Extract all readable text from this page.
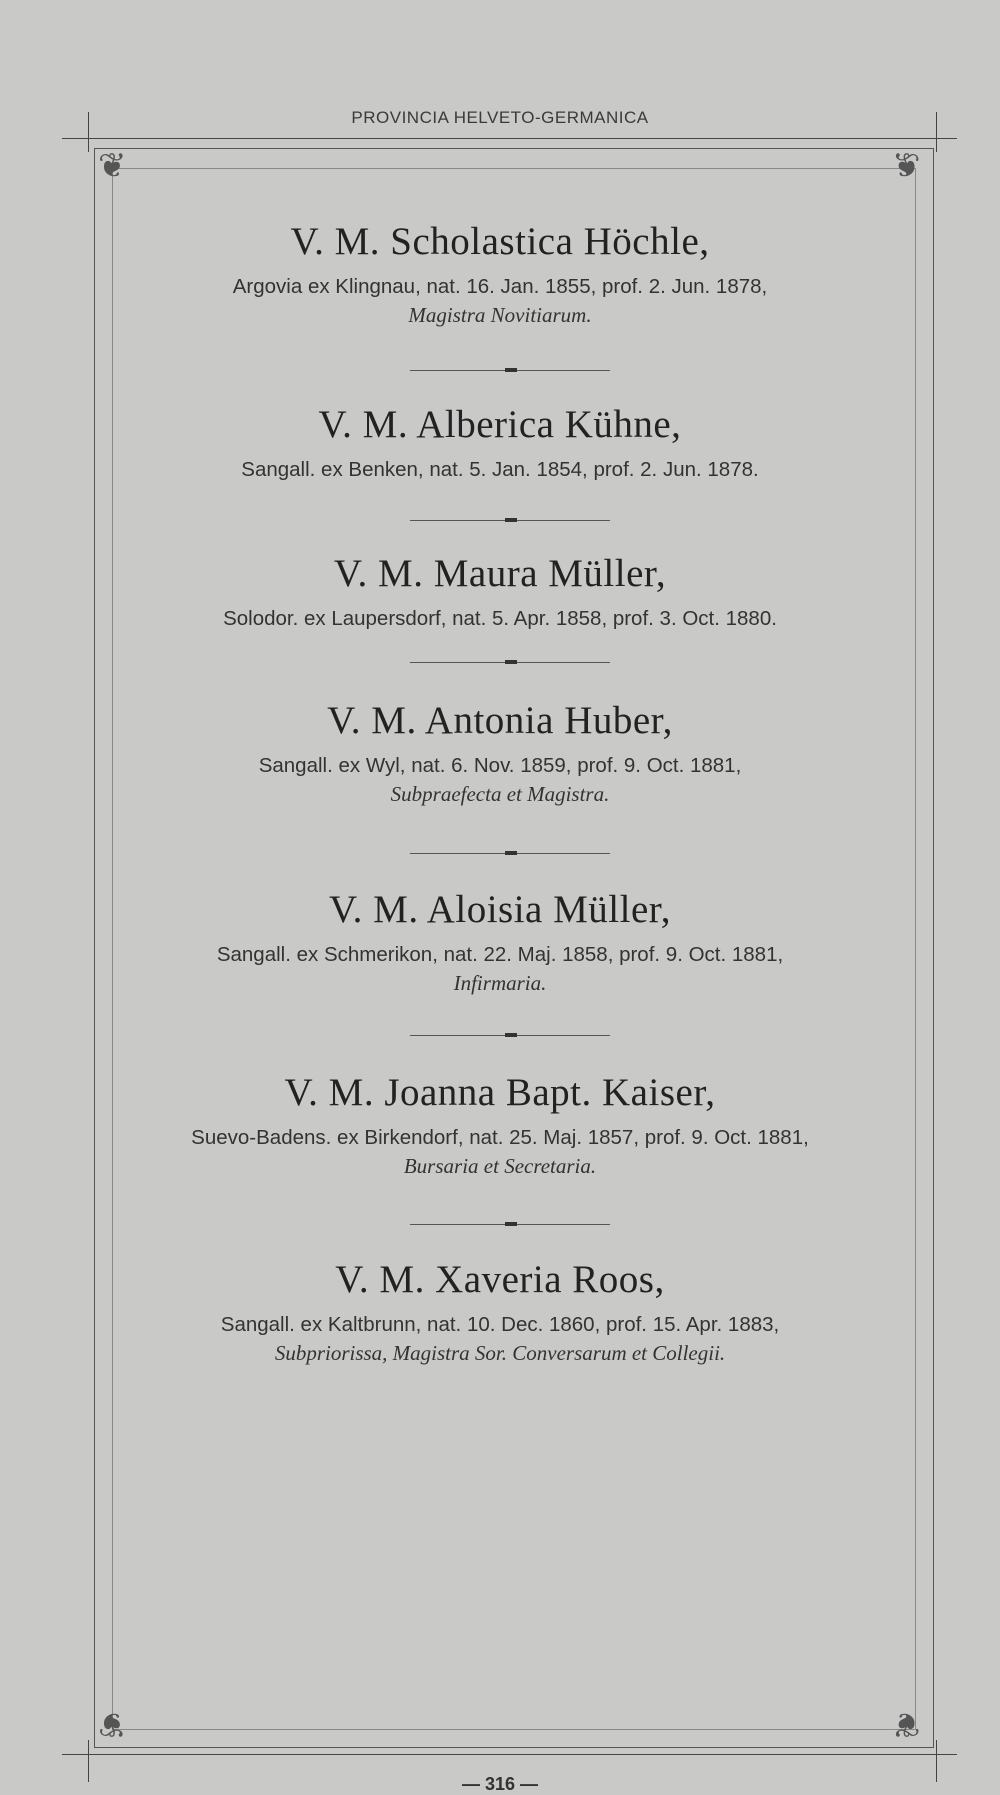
PROVINCIA HELVETO-GERMANICA
❦	❦
❦	❦
V. M. Scholastica Höchle,
Argovia ex Klingnau, nat. 16. Jan. 1855, prof. 2. Jun. 1878,
Magistra Novitiarum.
V. M. Alberica Kühne,
Sangall. ex Benken, nat. 5. Jan. 1854, prof. 2. Jun. 1878.
V. M. Maura Müller,
Solodor. ex Laupersdorf, nat. 5. Apr. 1858, prof. 3. Oct. 1880.
V. M. Antonia Huber,
Sangall. ex Wyl, nat. 6. Nov. 1859, prof. 9. Oct. 1881,
Subpraefecta et Magistra.
V. M. Aloisia Müller,
Sangall. ex Schmerikon, nat. 22. Maj. 1858, prof. 9. Oct. 1881,
Infirmaria.
V. M. Joanna Bapt. Kaiser,
Suevo-Badens. ex Birkendorf, nat. 25. Maj. 1857, prof. 9. Oct. 1881,
Bursaria et Secretaria.
V. M. Xaveria Roos,
Sangall. ex Kaltbrunn, nat. 10. Dec. 1860, prof. 15. Apr. 1883,
Subpriorissa, Magistra Sor. Conversarum et Collegii.
— 316 —
